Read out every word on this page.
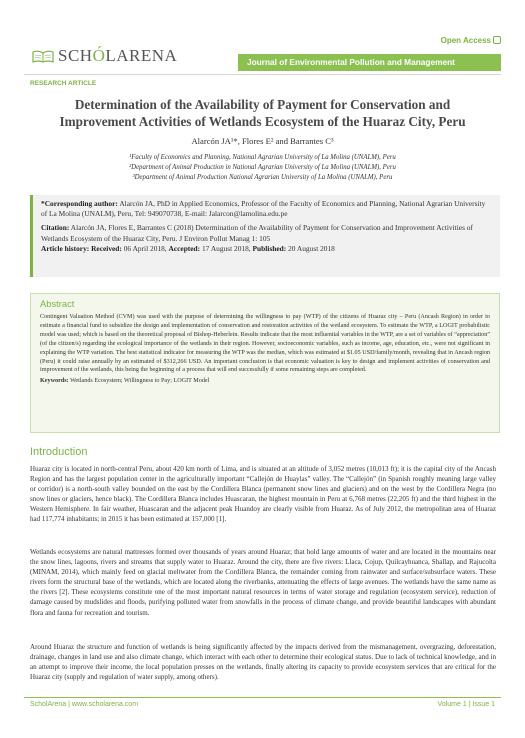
Open Access
SCHÓLARENA	Journal of Environmental Pollution and Management
RESEARCH ARTICLE
Determination of the Availability of Payment for Conservation and Improvement Activities of Wetlands Ecosystem of the Huaraz City, Peru
Alarcón JA¹*, Flores E² and Barrantes C³
¹Faculty of Economics and Planning, National Agrarian University of La Molina (UNALM), Peru
²Department of Animal Production in National Agrarian University of La Molina (UNALM), Peru
³Department of Animal Production National Agrarian University of La Molina (UNALM), Peru

*Corresponding author: Alarcón JA, PhD in Applied Economics, Professor of the Faculty of Economics and Planning, National Agrarian University of La Molina (UNALM), Peru, Tel: 949070738, E-mail: Jalarcon@lamolina.edu.pe

Citation: Alarcón JA, Flores E, Barrantes C (2018) Determination of the Availability of Payment for Conservation and Improvement Activities of Wetlands Ecosystem of the Huaraz City, Peru. J Environ Pollut Manag 1: 105

Article history: Received: 06 April 2018, Accepted: 17 August 2018, Published: 20 August 2018

Abstract

Contingent Valuation Method (CVM) was used with the purpose of determining the willingness to pay (WTP) of the citizens of Huaraz city – Peru (Ancash Region) in order to estimate a financial fund to subsidize the design and implementation of conservation and restoration activities of the wetland ecosystem. To estimate the WTP, a LOGIT probabilistic model was used; which is based on the theoretical proposal of Bishop-Heberlein. Results indicate that the most influential variables in the WTP, are a set of variables of “appreciation” (of the citizen/s) regarding the ecological importance of the wetlands in their region. However, socioeconomic variables, such as income, age, education, etc., were not significant in explaining the WTP variation. The best statistical indicator for measuring the WTP was the median, which was estimated at $1.05 USD/family/month, revealing that in Ancash region (Peru) it could raise annually by an estimated of $312,266 USD. An important conclusion is that economic valuation is key to design and implement activities of conservation and improvement of the wetlands, this being the beginning of a process that will end successfully if some remaining steps are completed.

Keywords: Wetlands Ecosystem; Willingness to Pay; LOGIT Model
Introduction

Huaraz city is located in north-central Peru, about 420 km north of Lima, and is situated at an altitude of 3,052 metres (10,013 ft); it is the capital city of the Ancash Region and has the largest population center in the agriculturally important “Callejón de Huaylas” valley. The “Callejón” (in Spanish roughly meaning large valley or corridor) is a north-south valley bounded on the east by the Cordillera Blanca (permanent snow lines and glaciers) and on the west by the Cordillera Negra (no snow lines or glaciers, hence black). The Cordillera Blanca includes Huascaran, the highest mountain in Peru at 6,768 metres (22,205 ft) and the third highest in the Western Hemisphere. In fair weather, Huascaran and the adjacent peak Huandoy are clearly visible from Huaraz. As of July 2012, the metropolitan area of Huaraz had 117,774 inhabitants; in 2015 it has been estimated at 157,000 [1].

Wetlands ecosystems are natural mattresses formed over thousands of years around Huaraz; that hold large amounts of water and are located in the mountains near the snow lines, lagoons, rivers and streams that supply water to Huaraz. Around the city, there are five rivers: Llaca, Cojup, Quilcayhuanca, Shallap, and Rajucolta (MINAM, 2014), which mainly feed on glacial meltwater from the Cordillera Blanca, the remainder coming from rainwater and surface/subsurface waters. These rivers form the structural base of the wetlands, which are located along the riverbanks, attenuating the effects of large avenues. The wetlands have the same name as the rivers [2]. These ecosystems constitute one of the most important natural resources in terms of water storage and regulation (ecosystem service), reduction of damage caused by mudslides and floods, purifying polluted water from snowfalls in the process of climate change, and provide beautiful landscapes with abundant flora and fauna for recreation and tourism.

Around Huaraz the structure and function of wetlands is being significantly affected by the impacts derived from the mismanagement, overgrazing, deforestation, drainage, changes in land use and also climate change, which interact with each other to determine their ecological status. Due to lack of technical knowledge, and in an attempt to improve their income, the local population presses on the wetlands, finally altering its capacity to provide ecosystem services that are critical for the Huaraz city (supply and regulation of water supply, among others).

ScholArena | www.scholarena.com	Volume 1 | Issue 1
